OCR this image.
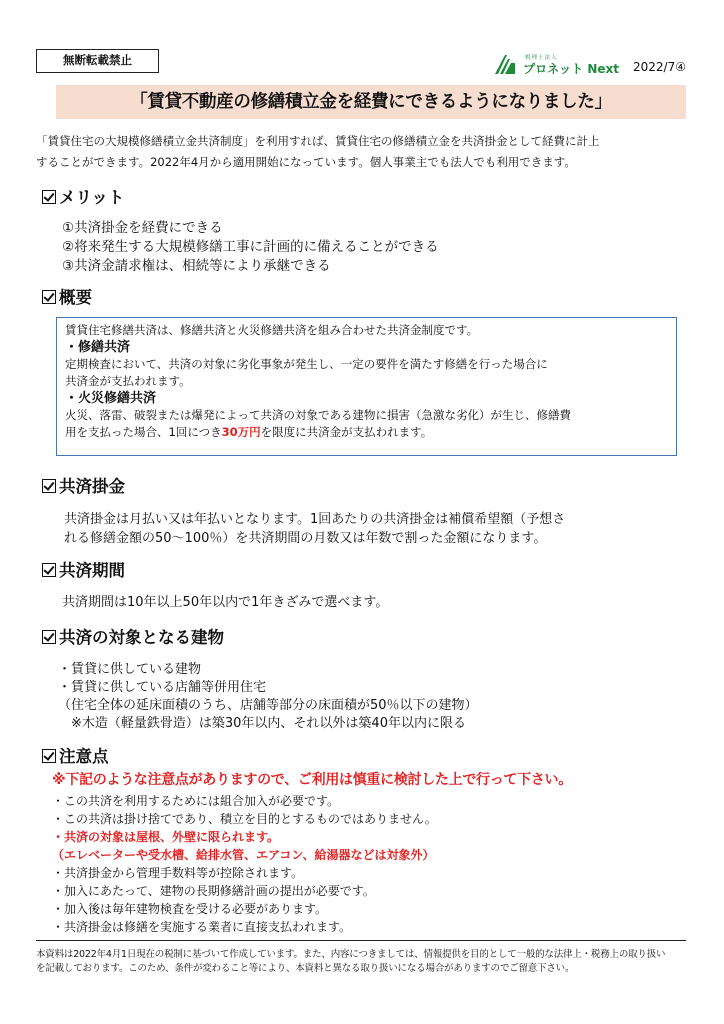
無断転載禁止	税理士法人
プロネット Next 2022/7④
「賃貸不動産の修繕積立金を経費にできるようになりました」
「賃貸住宅の大規模修繕積立金共済制度」を利用すれば、賃貸住宅の修繕積立金を共済掛金として経費に計上
することができます。2022年4月から適用開始になっています。個人事業主でも法人でも利用できます。
メリット
①共済掛金を経費にできる
②将来発生する大規模修繕工事に計画的に備えることができる
③共済金請求権は、相続等により承継できる
概要
賃貸住宅修繕共済は、修繕共済と火災修繕共済を組み合わせた共済金制度です。
・修繕共済
定期検査において、共済の対象に劣化事象が発生し、一定の要件を満たす修繕を行った場合に
共済金が支払われます。
・火災修繕共済
火災、落雷、破裂または爆発によって共済の対象である建物に損害（急激な劣化）が生じ、修繕費
用を支払った場合、1回につき30万円を限度に共済金が支払われます。
共済掛金
共済掛金は月払い又は年払いとなります。1回あたりの共済掛金は補償希望額（予想さ
れる修繕金額の50～100％）を共済期間の月数又は年数で割った金額になります。
共済期間
共済期間は10年以上50年以内で1年きざみで選べます。
共済の対象となる建物
・賃貸に供している建物
・賃貸に供している店舗等併用住宅
（住宅全体の延床面積のうち、店舗等部分の床面積が50％以下の建物）
　※木造（軽量鉄骨造）は築30年以内、それ以外は築40年以内に限る
注意点
※下記のような注意点がありますので、ご利用は慎重に検討した上で行って下さい。
・この共済を利用するためには組合加入が必要です。
・この共済は掛け捨てであり、積立を目的とするものではありません。
・共済の対象は屋根、外壁に限られます。
（エレベーターや受水槽、給排水管、エアコン、給湯器などは対象外）
・共済掛金から管理手数料等が控除されます。
・加入にあたって、建物の長期修繕計画の提出が必要です。
・加入後は毎年建物検査を受ける必要があります。
・共済掛金は修繕を実施する業者に直接支払われます。
本資料は2022年4月1日現在の税制に基づいて作成しています。また、内容につきましては、情報提供を目的として一般的な法律上・税務上の取り扱い
を記載しております。このため、条件が変わること等により、本資料と異なる取り扱いになる場合がありますのでご留意下さい。
